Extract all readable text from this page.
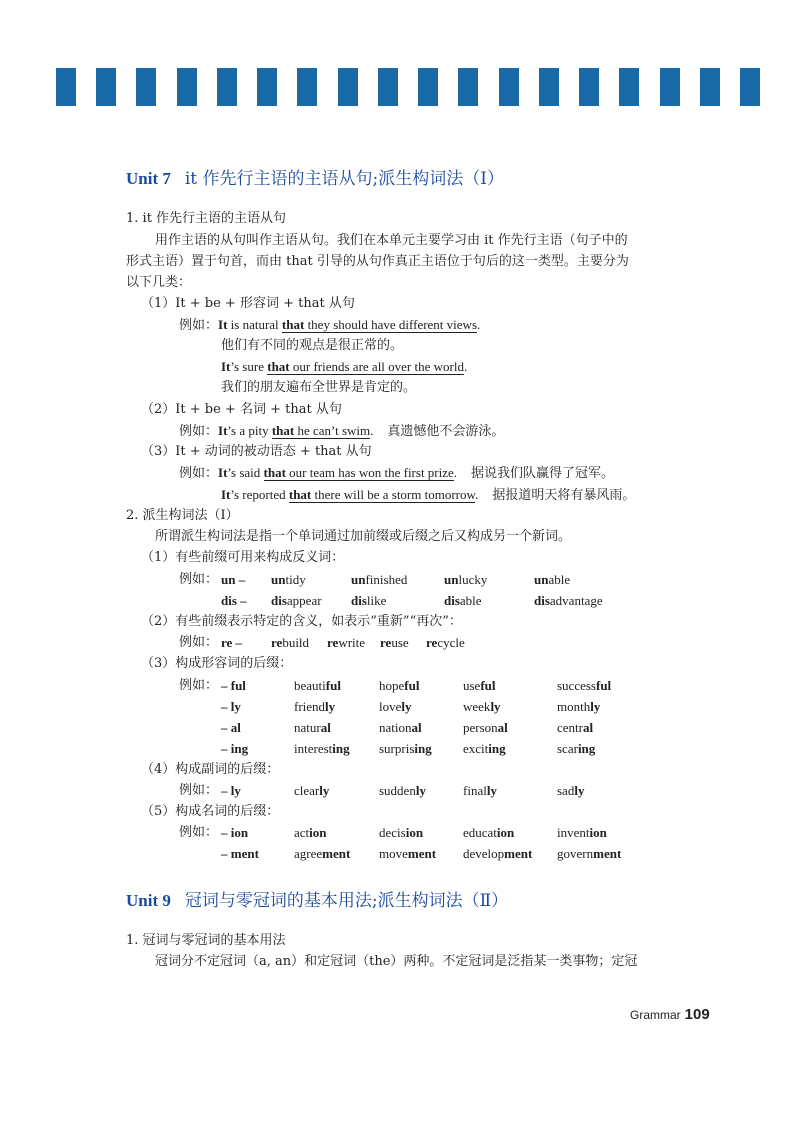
Unit 7 it 作先行主语的主语从句;派生构词法（Ⅰ）
1. it 作先行主语的主语从句
用作主语的从句叫作主语从句。我们在本单元主要学习由 it 作先行主语（句子中的
形式主语）置于句首，而由 that 引导的从句作真正主语位于句后的这一类型。主要分为
以下几类：
（1）It + be + 形容词 + that 从句
例如：It is natural that they should have different views.
他们有不同的观点是很正常的。
It’s sure that our friends are all over the world.
我们的朋友遍布全世界是肯定的。
（2）It + be + 名词 + that 从句
例如：It’s a pity that he can’t swim. 真遗憾他不会游泳。
（3）It + 动词的被动语态 + that 从句
例如：It’s said that our team has won the first prize. 据说我们队赢得了冠军。
It’s reported that there will be a storm tomorrow. 据报道明天将有暴风雨。
2. 派生构词法（Ⅰ）
所谓派生构词法是指一个单词通过加前缀或后缀之后又构成另一个新词。
（1）有些前缀可用来构成反义词：
例如： un – untidy	unfinished	unlucky	unable
dis – disappear dislike	disable	disadvantage
（2）有些前缀表示特定的含义，如表示“重新”“再次”：
例如： re – rebuild rewrite reuse recycle
（3）构成形容词的后缀：
例如： – ful	beautiful	hopeful	useful	successful
– ly	friendly	lovely	weekly	monthly
– al	natural	national	personal	central
– ing	interesting surprising exciting	scaring
（4）构成副词的后缀：
例如： – ly	clearly	suddenly	finally	sadly
（5）构成名词的后缀：
例如： – ion	action	decision	education	invention
– ment	agreement movement development government
Unit 9 冠词与零冠词的基本用法;派生构词法（Ⅱ）
1. 冠词与零冠词的基本用法
冠词分不定冠词（a, an）和定冠词（the）两种。不定冠词是泛指某一类事物；定冠
Grammar 109
